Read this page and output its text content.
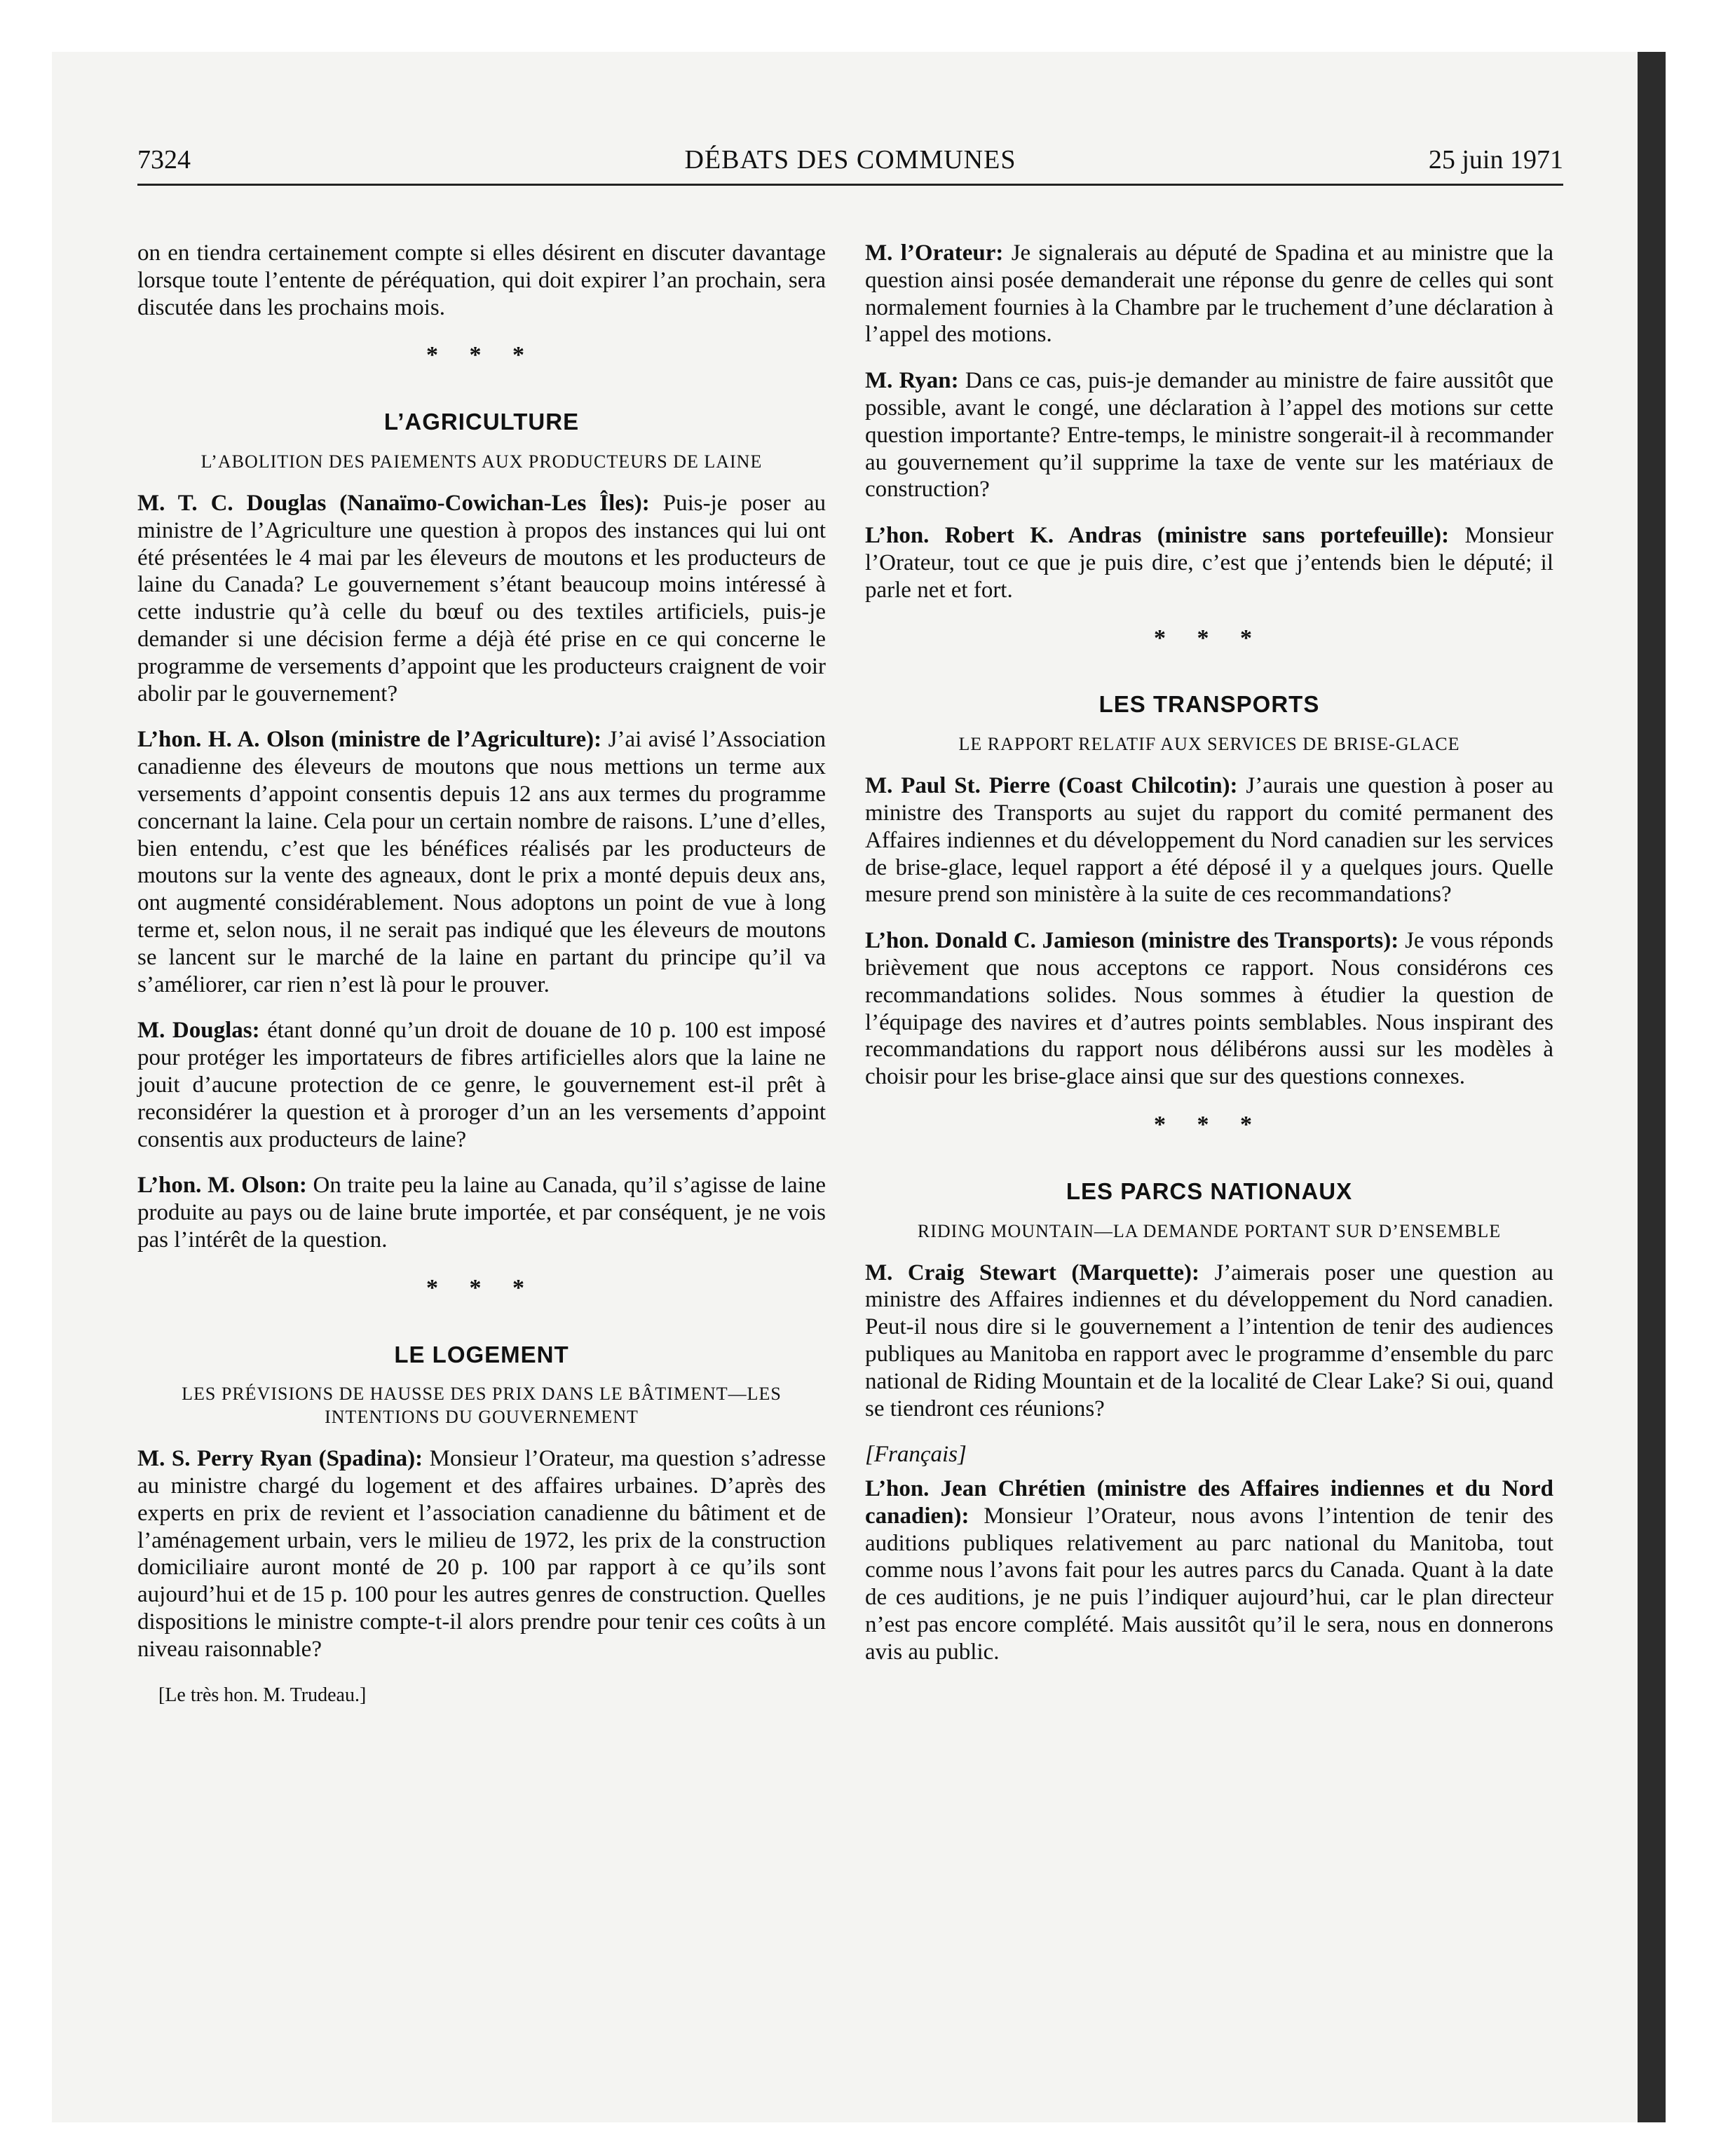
7324	DÉBATS DES COMMUNES	25 juin 1971

on en tiendra certainement compte si elles désirent en discuter davantage lorsque toute l’entente de péréquation, qui doit expirer l’an prochain, sera discutée dans les prochains mois.

* * *
L’AGRICULTURE
L’ABOLITION DES PAIEMENTS AUX PRODUCTEURS DE LAINE

M. T. C. Douglas (Nanaïmo-Cowichan-Les Îles): Puis-je poser au ministre de l’Agriculture une question à propos des instances qui lui ont été présentées le 4 mai par les éleveurs de moutons et les producteurs de laine du Canada? Le gouvernement s’étant beaucoup moins intéressé à cette industrie qu’à celle du bœuf ou des textiles artificiels, puis-je demander si une décision ferme a déjà été prise en ce qui concerne le programme de versements d’appoint que les producteurs craignent de voir abolir par le gouvernement?

L’hon. H. A. Olson (ministre de l’Agriculture): J’ai avisé l’Association canadienne des éleveurs de moutons que nous mettions un terme aux versements d’appoint consentis depuis 12 ans aux termes du programme concernant la laine. Cela pour un certain nombre de raisons. L’une d’elles, bien entendu, c’est que les bénéfices réalisés par les producteurs de moutons sur la vente des agneaux, dont le prix a monté depuis deux ans, ont augmenté considérablement. Nous adoptons un point de vue à long terme et, selon nous, il ne serait pas indiqué que les éleveurs de moutons se lancent sur le marché de la laine en partant du principe qu’il va s’améliorer, car rien n’est là pour le prouver.

M. Douglas: étant donné qu’un droit de douane de 10 p. 100 est imposé pour protéger les importateurs de fibres artificielles alors que la laine ne jouit d’aucune protection de ce genre, le gouvernement est-il prêt à reconsidérer la question et à proroger d’un an les versements d’appoint consentis aux producteurs de laine?

L’hon. M. Olson: On traite peu la laine au Canada, qu’il s’agisse de laine produite au pays ou de laine brute importée, et par conséquent, je ne vois pas l’intérêt de la question.

* * *
LE LOGEMENT
LES PRÉVISIONS DE HAUSSE DES PRIX DANS LE BÂTIMENT—LES INTENTIONS DU GOUVERNEMENT

M. S. Perry Ryan (Spadina): Monsieur l’Orateur, ma question s’adresse au ministre chargé du logement et des affaires urbaines. D’après des experts en prix de revient et l’association canadienne du bâtiment et de l’aménagement urbain, vers le milieu de 1972, les prix de la construction domiciliaire auront monté de 20 p. 100 par rapport à ce qu’ils sont aujourd’hui et de 15 p. 100 pour les autres genres de construction. Quelles dispositions le ministre compte-t-il alors prendre pour tenir ces coûts à un niveau raisonnable?

[Le très hon. M. Trudeau.]

M. l’Orateur: Je signalerais au député de Spadina et au ministre que la question ainsi posée demanderait une réponse du genre de celles qui sont normalement fournies à la Chambre par le truchement d’une déclaration à l’appel des motions.

M. Ryan: Dans ce cas, puis-je demander au ministre de faire aussitôt que possible, avant le congé, une déclaration à l’appel des motions sur cette question importante? Entre-temps, le ministre songerait-il à recommander au gouvernement qu’il supprime la taxe de vente sur les matériaux de construction?

L’hon. Robert K. Andras (ministre sans portefeuille): Monsieur l’Orateur, tout ce que je puis dire, c’est que j’entends bien le député; il parle net et fort.

* * *
LES TRANSPORTS
LE RAPPORT RELATIF AUX SERVICES DE BRISE-GLACE

M. Paul St. Pierre (Coast Chilcotin): J’aurais une question à poser au ministre des Transports au sujet du rapport du comité permanent des Affaires indiennes et du développement du Nord canadien sur les services de brise-glace, lequel rapport a été déposé il y a quelques jours. Quelle mesure prend son ministère à la suite de ces recommandations?

L’hon. Donald C. Jamieson (ministre des Transports): Je vous réponds brièvement que nous acceptons ce rapport. Nous considérons ces recommandations solides. Nous sommes à étudier la question de l’équipage des navires et d’autres points semblables. Nous inspirant des recommandations du rapport nous délibérons aussi sur les modèles à choisir pour les brise-glace ainsi que sur des questions connexes.

* * *
LES PARCS NATIONAUX
RIDING MOUNTAIN—LA DEMANDE PORTANT SUR D’ENSEMBLE

M. Craig Stewart (Marquette): J’aimerais poser une question au ministre des Affaires indiennes et du développement du Nord canadien. Peut-il nous dire si le gouvernement a l’intention de tenir des audiences publiques au Manitoba en rapport avec le programme d’ensemble du parc national de Riding Mountain et de la localité de Clear Lake? Si oui, quand se tiendront ces réunions?

[Français]

L’hon. Jean Chrétien (ministre des Affaires indiennes et du Nord canadien): Monsieur l’Orateur, nous avons l’intention de tenir des auditions publiques relativement au parc national du Manitoba, tout comme nous l’avons fait pour les autres parcs du Canada. Quant à la date de ces auditions, je ne puis l’indiquer aujourd’hui, car le plan directeur n’est pas encore complété. Mais aussitôt qu’il le sera, nous en donnerons avis au public.
